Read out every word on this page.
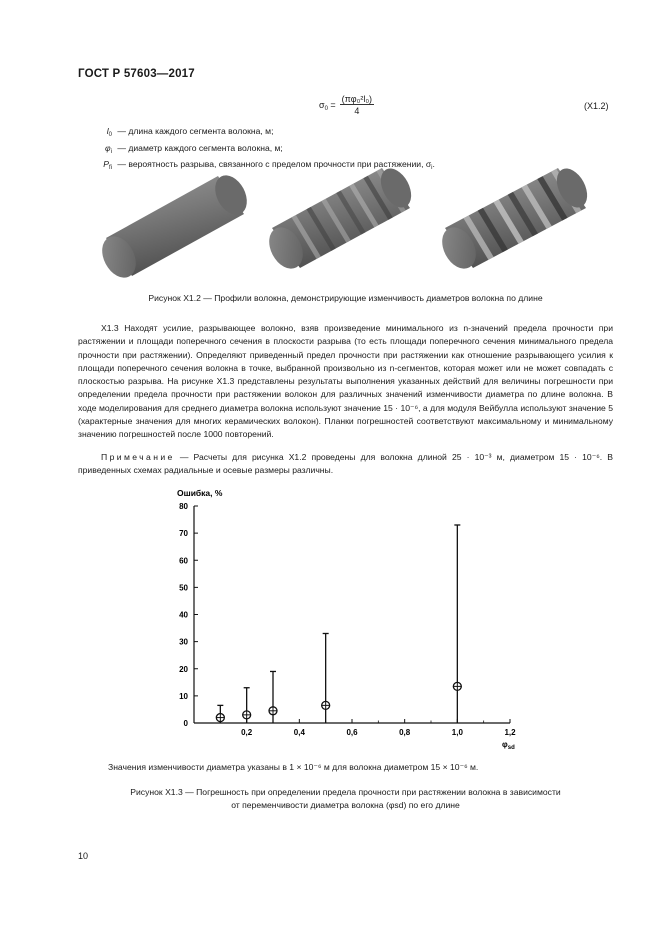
ГОСТ Р 57603—2017
$\sigma_0$ =	(πφ₀²l₀)
4	(X1.2)
$l_0$ — длина каждого сегмента волокна, м;
$\varphi_i$ — диаметр каждого сегмента волокна, м;
$P_{fi}$ — вероятность разрыва, связанного с пределом прочности при растяжении, $\sigma_i$.
Рисунок Х1.2 — Профили волокна, демонстрирующие изменчивость диаметров волокна по длине
Х1.3 Находят усилие, разрывающее волокно, взяв произведение минимального из n-значений предела прочности при растяжении и площади поперечного сечения в плоскости разрыва (то есть площади поперечного сечения минимального предела прочности при растяжении). Определяют приведенный предел прочности при растяжении как отношение разрывающего усилия к площади поперечного сечения волокна в точке, выбранной произвольно из n-сегментов, которая может или не может совпадать с плоскостью разрыва. На рисунке Х1.3 представлены результаты выполнения указанных действий для величины погрешности при определении предела прочности при растяжении волокон для различных значений изменчивости диаметра по длине волокна. В ходе моделирования для среднего диаметра волокна используют значение 15 · 10⁻⁶, а для модуля Вейбулла используют значение 5 (характерные значения для многих керамических волокон). Планки погрешностей соответствуют максимальному и минимальному значению погрешностей после 1000 повторений.
Примечание — Расчеты для рисунка Х1.2 проведены для волокна длиной 25 · 10⁻³ м, диаметром 15 · 10⁻⁶. В приведенных схемах радиальные и осевые размеры различны.
Ошибка, %
0
10
20
30
40
50
60
70
80
0,2	0,4	0,6	0,8	1,0	1,2
$\varphi_{sd}$
Значения изменчивости диаметра указаны в 1 × 10⁻⁶ м для волокна диаметром 15 × 10⁻⁶ м.
Рисунок Х1.3 — Погрешность при определении предела прочности при растяжении волокна в зависимости
от переменчивости диаметра волокна (φsd) по его длине
10
